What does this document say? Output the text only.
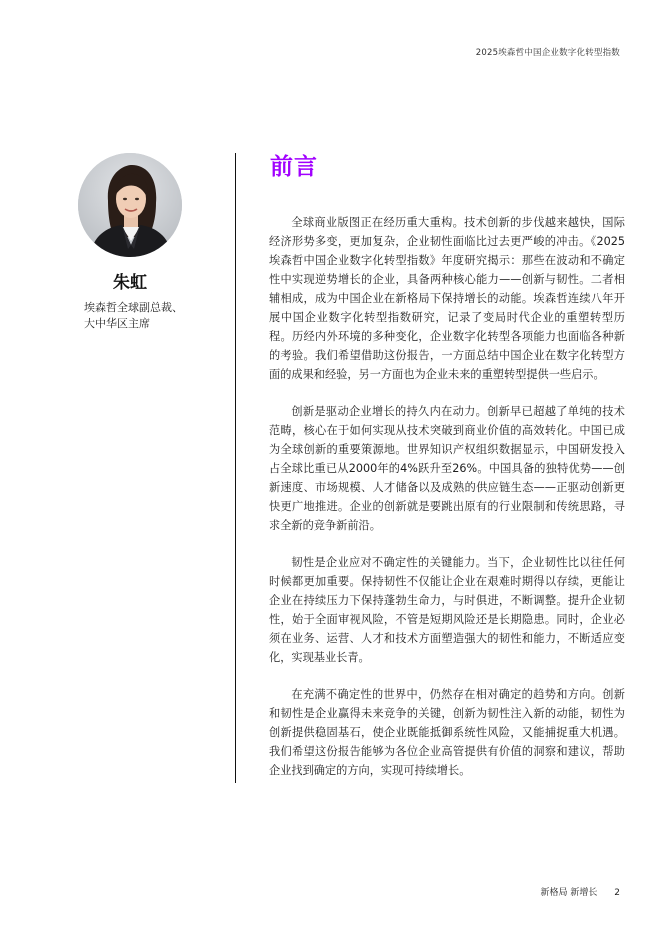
2025埃森哲中国企业数字化转型指数
朱虹
埃森哲全球副总裁、
大中华区主席
前言

全球商业版图正在经历重大重构。技术创新的步伐越来越快，国际经济形势多变，更加复杂，企业韧性面临比过去更严峻的冲击。《2025埃森哲中国企业数字化转型指数》年度研究揭示：那些在波动和不确定性中实现逆势增长的企业，具备两种核心能力——创新与韧性。二者相辅相成，成为中国企业在新格局下保持增长的动能。埃森哲连续八年开展中国企业数字化转型指数研究，记录了变局时代企业的重塑转型历程。历经内外环境的多种变化，企业数字化转型各项能力也面临各种新的考验。我们希望借助这份报告，一方面总结中国企业在数字化转型方面的成果和经验，另一方面也为企业未来的重塑转型提供一些启示。

创新是驱动企业增长的持久内在动力。创新早已超越了单纯的技术范畴，核心在于如何实现从技术突破到商业价值的高效转化。中国已成为全球创新的重要策源地。世界知识产权组织数据显示，中国研发投入占全球比重已从2000年的4%跃升至26%。中国具备的独特优势——创新速度、市场规模、人才储备以及成熟的供应链生态——正驱动创新更快更广地推进。企业的创新就是要跳出原有的行业限制和传统思路，寻求全新的竞争新前沿。

韧性是企业应对不确定性的关键能力。当下，企业韧性比以往任何时候都更加重要。保持韧性不仅能让企业在艰难时期得以存续，更能让企业在持续压力下保持蓬勃生命力，与时俱进，不断调整。提升企业韧性，始于全面审视风险，不管是短期风险还是长期隐患。同时，企业必须在业务、运营、人才和技术方面塑造强大的韧性和能力，不断适应变化，实现基业长青。

在充满不确定性的世界中，仍然存在相对确定的趋势和方向。创新和韧性是企业赢得未来竞争的关键，创新为韧性注入新的动能，韧性为创新提供稳固基石，使企业既能抵御系统性风险，又能捕捉重大机遇。我们希望这份报告能够为各位企业高管提供有价值的洞察和建议，帮助企业找到确定的方向，实现可持续增长。

新格局 新增长 2
